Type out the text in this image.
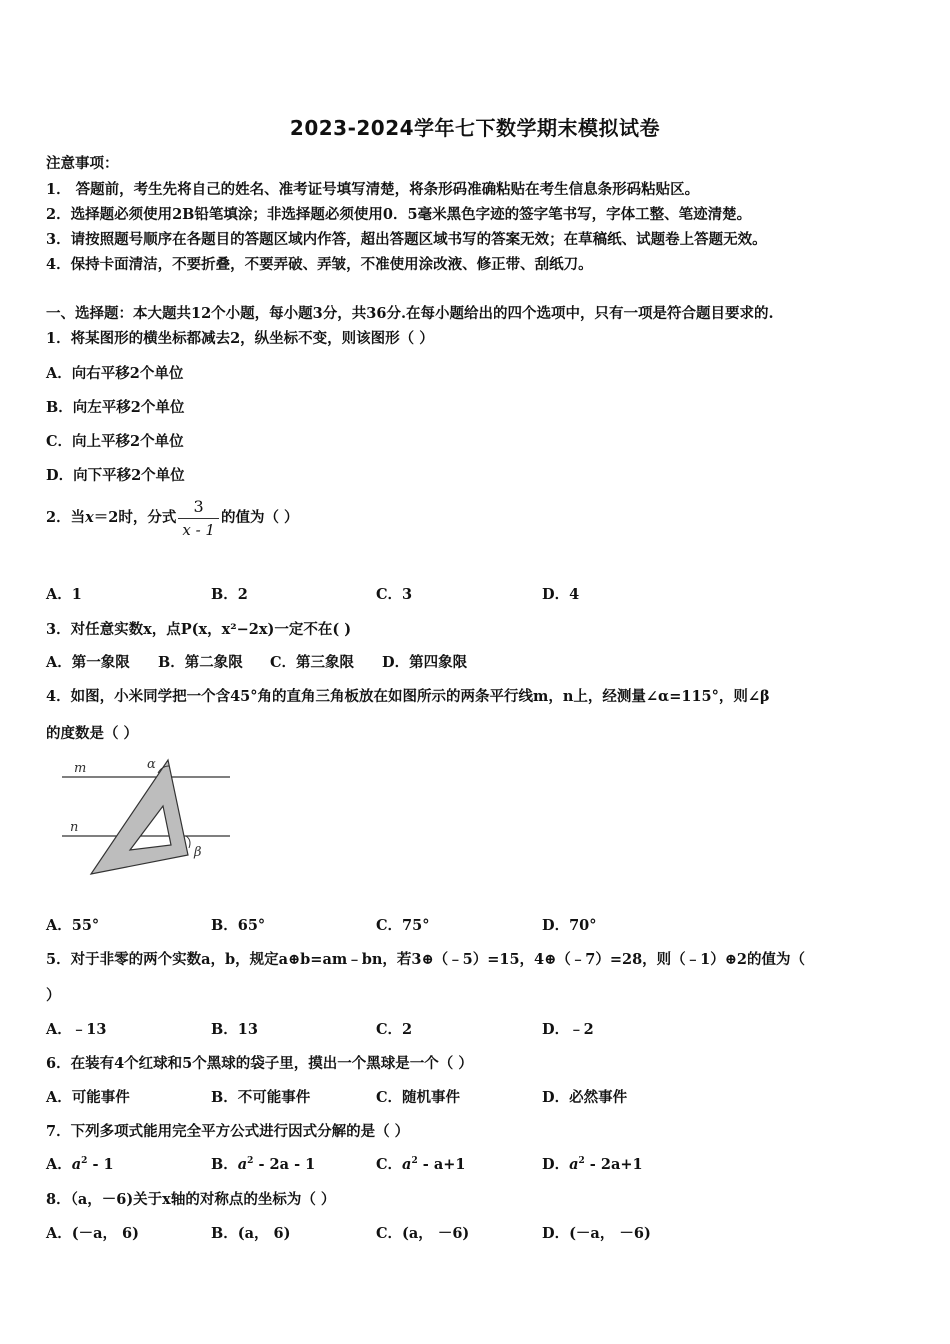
2023-2024学年七下数学期末模拟试卷
注意事项：
1． 答题前，考生先将自己的姓名、准考证号填写清楚，将条形码准确粘贴在考生信息条形码粘贴区。
2．选择题必须使用2B铅笔填涂；非选择题必须使用0．5毫米黑色字迹的签字笔书写，字体工整、笔迹清楚。
3．请按照题号顺序在各题目的答题区域内作答，超出答题区域书写的答案无效；在草稿纸、试题卷上答题无效。
4．保持卡面清洁，不要折叠，不要弄破、弄皱，不准使用涂改液、修正带、刮纸刀。
一、选择题：本大题共12个小题，每小题3分，共36分.在每小题给出的四个选项中，只有一项是符合题目要求的.
1．将某图形的横坐标都减去2，纵坐标不变，则该图形（ ）
A．向右平移2个单位
B．向左平移2个单位
C．向上平移2个单位
D．向下平移2个单位
2．当x＝2时，分式 $\frac{3}{x - 1}$ 的值为（ ）
A．1	B．2	C．3	D．4
3．对任意实数x，点P(x，x²−2x)一定不在( )
A．第一象限 B．第二象限 C．第三象限 D．第四象限
4．如图，小米同学把一个含45°角的直角三角板放在如图所示的两条平行线m，n上，经测量∠α=115°，则∠β
的度数是（ ）
m
n
α
β
A．55°	B．65°	C．75°	D．70°
5．对于非零的两个实数a，b，规定a⊕b=am﹣bn，若3⊕（﹣5）=15，4⊕（﹣7）=28，则（﹣1）⊕2的值为（
）
A．﹣13	B．13	C．2	D．﹣2
6．在装有4个红球和5个黑球的袋子里，摸出一个黑球是一个（ ）
A．可能事件	B．不可能事件	C．随机事件	D．必然事件
7．下列多项式能用完全平方公式进行因式分解的是（ ）
A．$a^2 - 1$	B．$a^2 - 2a - 1$	C．$a^2 - a+1$	D．$a^2 - 2a+1$
8．（a，－6)关于x轴的对称点的坐标为（ ）
A．(－a， 6)	B．(a， 6)	C．(a， －6)	D．(－a， －6)
